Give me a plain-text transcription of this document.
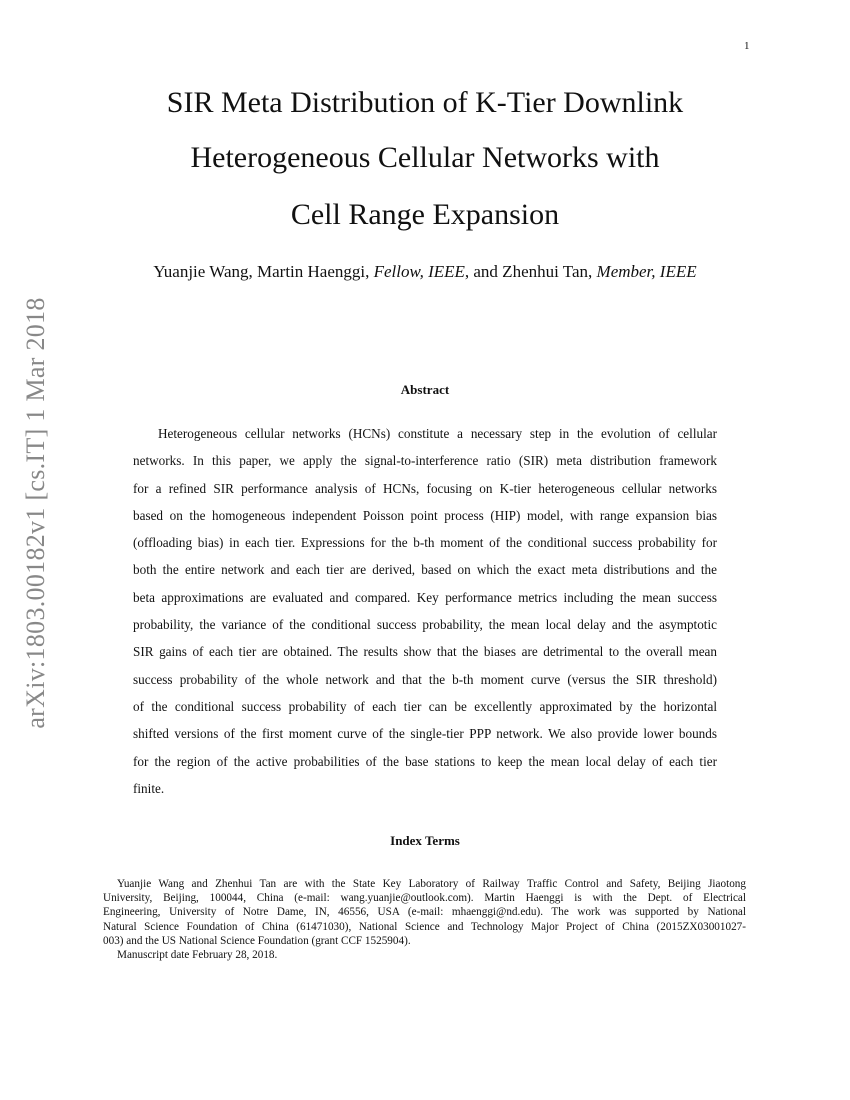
1
arXiv:1803.00182v1 [cs.IT] 1 Mar 2018
SIR Meta Distribution of K-Tier Downlink
Heterogeneous Cellular Networks with
Cell Range Expansion
Yuanjie Wang, Martin Haenggi, Fellow, IEEE, and Zhenhui Tan, Member, IEEE
Abstract
Heterogeneous cellular networks (HCNs) constitute a necessary step in the evolution of cellular
networks. In this paper, we apply the signal-to-interference ratio (SIR) meta distribution framework
for a refined SIR performance analysis of HCNs, focusing on K-tier heterogeneous cellular networks
based on the homogeneous independent Poisson point process (HIP) model, with range expansion bias
(offloading bias) in each tier. Expressions for the b-th moment of the conditional success probability for
both the entire network and each tier are derived, based on which the exact meta distributions and the
beta approximations are evaluated and compared. Key performance metrics including the mean success
probability, the variance of the conditional success probability, the mean local delay and the asymptotic
SIR gains of each tier are obtained. The results show that the biases are detrimental to the overall mean
success probability of the whole network and that the b-th moment curve (versus the SIR threshold)
of the conditional success probability of each tier can be excellently approximated by the horizontal
shifted versions of the first moment curve of the single-tier PPP network. We also provide lower bounds
for the region of the active probabilities of the base stations to keep the mean local delay of each tier
finite.
Index Terms
Yuanjie Wang and Zhenhui Tan are with the State Key Laboratory of Railway Traffic Control and Safety, Beijing Jiaotong
University, Beijing, 100044, China (e-mail: wang.yuanjie@outlook.com). Martin Haenggi is with the Dept. of Electrical
Engineering, University of Notre Dame, IN, 46556, USA (e-mail: mhaenggi@nd.edu). The work was supported by National
Natural Science Foundation of China (61471030), National Science and Technology Major Project of China (2015ZX03001027-
003) and the US National Science Foundation (grant CCF 1525904).
Manuscript date February 28, 2018.
